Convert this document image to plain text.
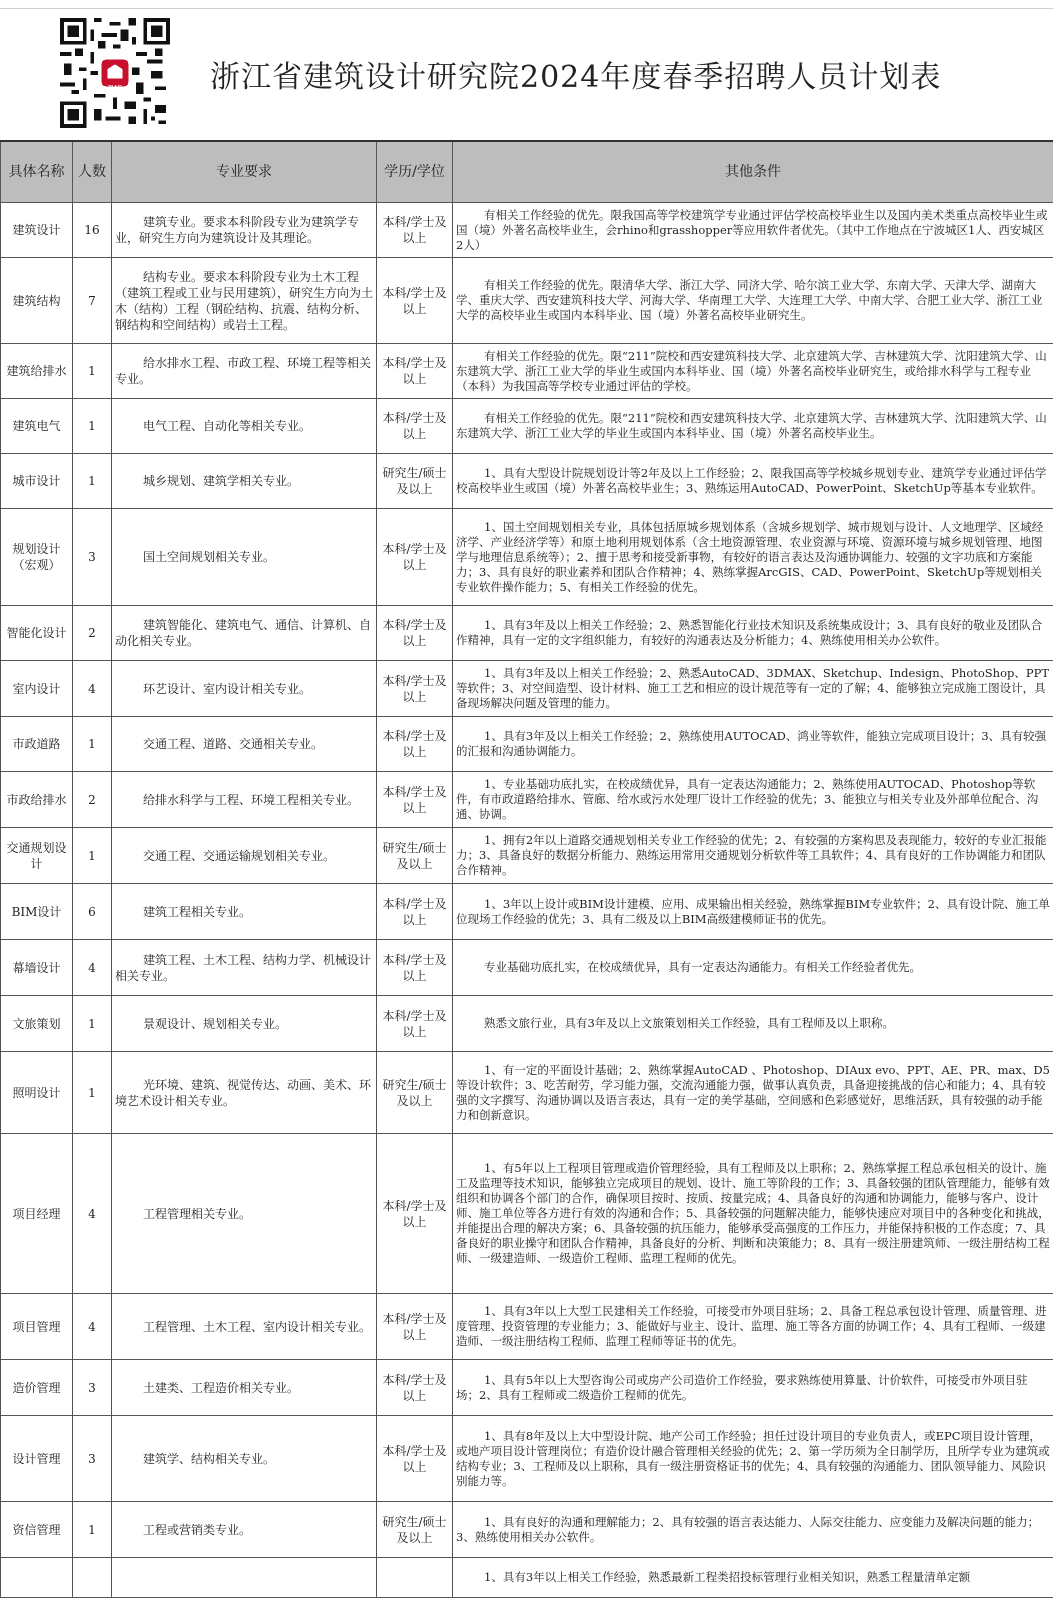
ZIAD	浙江省建筑设计研究院2024年度春季招聘人员计划表
具体名称	人数	专业要求	学历/学位	其他条件
建筑设计	16	建筑专业。要求本科阶段专业为建筑学专业，研究生方向为建筑设计及其理论。	本科/学士及以上	有相关工作经验的优先。限我国高等学校建筑学专业通过评估学校高校毕业生以及国内美术类重点高校毕业生或国（境）外著名高校毕业生，会rhino和grasshopper等应用软件者优先。（其中工作地点在宁波城区1人、西安城区2人）
建筑结构	7	结构专业。要求本科阶段专业为土木工程（建筑工程或工业与民用建筑），研究生方向为土木（结构）工程（钢砼结构、抗震、结构分析、钢结构和空间结构）或岩土工程。	本科/学士及以上	有相关工作经验的优先。限清华大学、浙江大学、同济大学、哈尔滨工业大学、东南大学、天津大学、湖南大学、重庆大学、西安建筑科技大学、河海大学、华南理工大学、大连理工大学、中南大学、合肥工业大学、浙江工业大学的高校毕业生或国内本科毕业、国（境）外著名高校毕业研究生。
建筑给排水	1	给水排水工程、市政工程、环境工程等相关专业。	本科/学士及以上	有相关工作经验的优先。限“211”院校和西安建筑科技大学、北京建筑大学、吉林建筑大学、沈阳建筑大学、山东建筑大学、浙江工业大学的毕业生或国内本科毕业、国（境）外著名高校毕业研究生，或给排水科学与工程专业（本科）为我国高等学校专业通过评估的学校。
建筑电气	1	电气工程、自动化等相关专业。	本科/学士及以上	有相关工作经验的优先。限“211”院校和西安建筑科技大学、北京建筑大学、吉林建筑大学、沈阳建筑大学、山东建筑大学、浙江工业大学的毕业生或国内本科毕业、国（境）外著名高校毕业生。
城市设计	1	城乡规划、建筑学相关专业。	研究生/硕士及以上	1、具有大型设计院规划设计等2年及以上工作经验；2、限我国高等学校城乡规划专业、建筑学专业通过评估学校高校毕业生或国（境）外著名高校毕业生；3、熟练运用AutoCAD、PowerPoint、SketchUp等基本专业软件。
规划设计（宏观）	3	国土空间规划相关专业。	本科/学士及以上	1、国土空间规划相关专业，具体包括原城乡规划体系（含城乡规划学、城市规划与设计、人文地理学、区域经济学、产业经济学等）和原土地利用规划体系（含土地资源管理、农业资源与环境、资源环境与城乡规划管理、地图学与地理信息系统等）；2、擅于思考和接受新事物，有较好的语言表达及沟通协调能力、较强的文字功底和方案能力；3、具有良好的职业素养和团队合作精神；4、熟练掌握ArcGIS、CAD、PowerPoint、SketchUp等规划相关专业软件操作能力；5、有相关工作经验的优先。
智能化设计	2	建筑智能化、建筑电气、通信、计算机、自动化相关专业。	本科/学士及以上	1、具有3年及以上相关工作经验；2、熟悉智能化行业技术知识及系统集成设计；3、具有良好的敬业及团队合作精神，具有一定的文字组织能力，有较好的沟通表达及分析能力；4、熟练使用相关办公软件。
室内设计	4	环艺设计、室内设计相关专业。	本科/学士及以上	1、具有3年及以上相关工作经验；2、熟悉AutoCAD、3DMAX、Sketchup、Indesign、PhotoShop、PPT等软件；3、对空间造型、设计材料、施工工艺和相应的设计规范等有一定的了解；4、能够独立完成施工图设计，具备现场解决问题及管理的能力。
市政道路	1	交通工程、道路、交通相关专业。	本科/学士及以上	1、具有3年及以上相关工作经验；2、熟练使用AUTOCAD、鸿业等软件，能独立完成项目设计；3、具有较强的汇报和沟通协调能力。
市政给排水	2	给排水科学与工程、环境工程相关专业。	本科/学士及以上	1、专业基础功底扎实，在校成绩优异，具有一定表达沟通能力；2、熟练使用AUTOCAD、Photoshop等软件，有市政道路给排水、管廊、给水或污水处理厂设计工作经验的优先；3、能独立与相关专业及外部单位配合、沟通、协调。
交通规划设计	1	交通工程、交通运输规划相关专业。	研究生/硕士及以上	1、拥有2年以上道路交通规划相关专业工作经验的优先；2、有较强的方案构思及表现能力，较好的专业汇报能力；3、具备良好的数据分析能力、熟练运用常用交通规划分析软件等工具软件；4、具有良好的工作协调能力和团队合作精神。
BIM设计	6	建筑工程相关专业。	本科/学士及以上	1、3年以上设计或BIM设计建模、应用、成果输出相关经验，熟练掌握BIM专业软件；2、具有设计院、施工单位现场工作经验的优先；3、具有二级及以上BIM高级建模师证书的优先。
幕墙设计	4	建筑工程、土木工程、结构力学、机械设计相关专业。	本科/学士及以上	专业基础功底扎实，在校成绩优异，具有一定表达沟通能力。有相关工作经验者优先。
文旅策划	1	景观设计、规划相关专业。	本科/学士及以上	熟悉文旅行业，具有3年及以上文旅策划相关工作经验，具有工程师及以上职称。
照明设计	1	光环境、建筑、视觉传达、动画、美术、环境艺术设计相关专业。	研究生/硕士及以上	1、有一定的平面设计基础；2、熟练掌握AutoCAD 、Photoshop、DIAux evo、PPT、AE、PR、max、D5等设计软件；3、吃苦耐劳，学习能力强，交流沟通能力强，做事认真负责，具备迎接挑战的信心和能力；4、具有较强的文字撰写、沟通协调以及语言表达，具有一定的美学基础，空间感和色彩感觉好，思维活跃，具有较强的动手能力和创新意识。
项目经理	4	工程管理相关专业。	本科/学士及以上	1、有5年以上工程项目管理或造价管理经验，具有工程师及以上职称；2、熟练掌握工程总承包相关的设计、施工及监理等技术知识，能够独立完成项目的规划、设计、施工等阶段的工作；3、具备较强的团队管理能力，能够有效组织和协调各个部门的合作，确保项目按时、按质、按量完成；4、具备良好的沟通和协调能力，能够与客户、设计师、施工单位等各方进行有效的沟通和合作；5、具备较强的问题解决能力，能够快速应对项目中的各种变化和挑战，并能提出合理的解决方案；6、具备较强的抗压能力，能够承受高强度的工作压力，并能保持积极的工作态度；7、具备良好的职业操守和团队合作精神，具备良好的分析、判断和决策能力；8、具有一级注册建筑师、一级注册结构工程师、一级建造师、一级造价工程师、监理工程师的优先。
项目管理	4	工程管理、土木工程、室内设计相关专业。	本科/学士及以上	1、具有3年以上大型工民建相关工作经验，可接受市外项目驻场；2、具备工程总承包设计管理、质量管理、进度管理、投资管理的专业能力；3、能做好与业主、设计、监理、施工等各方面的协调工作；4、具有工程师、一级建造师、一级注册结构工程师、监理工程师等证书的优先。
造价管理	3	土建类、工程造价相关专业。	本科/学士及以上	1、具有5年以上大型咨询公司或房产公司造价工作经验，要求熟练使用算量、计价软件，可接受市外项目驻场；2、具有工程师或二级造价工程师的优先。
设计管理	3	建筑学、结构相关专业。	本科/学士及以上	1、具有8年及以上大中型设计院、地产公司工作经验；担任过设计项目的专业负责人，或EPC项目设计管理，或地产项目设计管理岗位；有造价设计融合管理相关经验的优先；2、第一学历须为全日制学历，且所学专业为建筑或结构专业；3、工程师及以上职称，具有一级注册资格证书的优先；4、具有较强的沟通能力、团队领导能力、风险识别能力等。
资信管理	1	工程或营销类专业。	研究生/硕士及以上	1、具有良好的沟通和理解能力；2、具有较强的语言表达能力、人际交往能力、应变能力及解决问题的能力；3、熟练使用相关办公软件。
				1、具有3年以上相关工作经验，熟悉最新工程类招投标管理行业相关知识，熟悉工程量清单定额
